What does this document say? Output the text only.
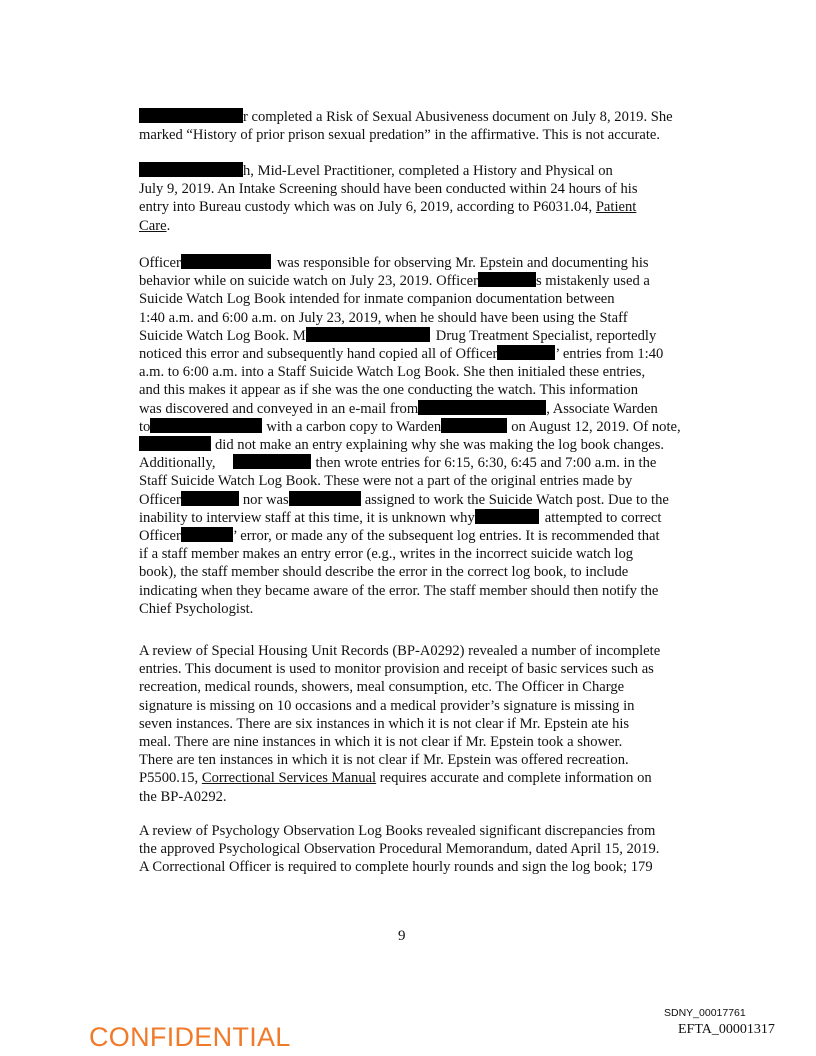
r completed a Risk of Sexual Abusiveness document on July 8, 2019. She
marked “History of prior prison sexual predation” in the affirmative. This is not accurate.
h, Mid-Level Practitioner, completed a History and Physical on
July 9, 2019. An Intake Screening should have been conducted within 24 hours of his
entry into Bureau custody which was on July 6, 2019, according to P6031.04, Patient
Care.
Officer	was responsible for observing Mr. Epstein and documenting his
behavior while on suicide watch on July 23, 2019. Officer	s mistakenly used a
Suicide Watch Log Book intended for inmate companion documentation between
1:40 a.m. and 6:00 a.m. on July 23, 2019, when he should have been using the Staff
Suicide Watch Log Book. M	Drug Treatment Specialist, reportedly
noticed this error and subsequently hand copied all of Officer	’ entries from 1:40
a.m. to 6:00 a.m. into a Staff Suicide Watch Log Book. She then initialed these entries,
and this makes it appear as if she was the one conducting the watch. This information
was discovered and conveyed in an e-mail from	, Associate Warden
to	with a carbon copy to Warden	on August 12, 2019. Of note,
did not make an entry explaining why she was making the log book changes.
Additionally,	then wrote entries for 6:15, 6:30, 6:45 and 7:00 a.m. in the
Staff Suicide Watch Log Book. These were not a part of the original entries made by
Officer	nor was	assigned to work the Suicide Watch post. Due to the
inability to interview staff at this time, it is unknown why	attempted to correct
Officer	’ error, or made any of the subsequent log entries. It is recommended that
if a staff member makes an entry error (e.g., writes in the incorrect suicide watch log
book), the staff member should describe the error in the correct log book, to include
indicating when they became aware of the error. The staff member should then notify the
Chief Psychologist.
A review of Special Housing Unit Records (BP-A0292) revealed a number of incomplete
entries. This document is used to monitor provision and receipt of basic services such as
recreation, medical rounds, showers, meal consumption, etc. The Officer in Charge
signature is missing on 10 occasions and a medical provider’s signature is missing in
seven instances. There are six instances in which it is not clear if Mr. Epstein ate his
meal. There are nine instances in which it is not clear if Mr. Epstein took a shower.
There are ten instances in which it is not clear if Mr. Epstein was offered recreation.
P5500.15, Correctional Services Manual requires accurate and complete information on
the BP-A0292.
A review of Psychology Observation Log Books revealed significant discrepancies from
the approved Psychological Observation Procedural Memorandum, dated April 15, 2019.
A Correctional Officer is required to complete hourly rounds and sign the log book; 179
9
SDNY_00017761
EFTA_00001317
CONFIDENTIAL
